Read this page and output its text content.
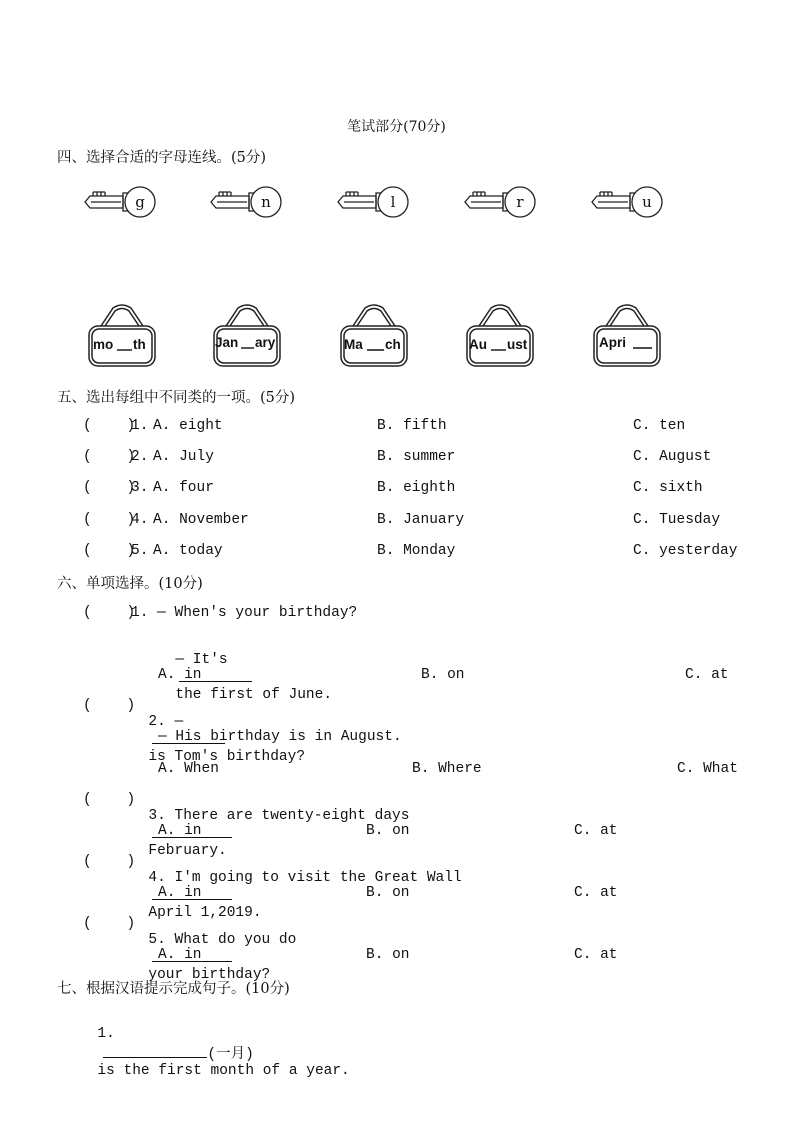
笔试部分(70分)
四、选择合适的字母连线。(5分)
g	n	l	r	u
mo th	Jan ary	Ma ch	Au ust	Apri
五、选出每组中不同类的一项。(5分)
(    )
1. A. eight	B. fifth	C. ten
(    )
2. A. July	B. summer	C. August
(    )
3. A. four	B. eighth	C. sixth
(    )
4. A. November	B. January	C. Tuesday
(    )
5. A. today	B. Monday	C. yesterday
六、单项选择。(10分)
(    )
1. — When's your birthday?

— It's

the first of June.

A. in	B. on	C. at
(    )

2. —

is Tom's birthday?

— His birthday is in August.
A. When	B. Where	C. What
(    )

3. There are twenty-eight days

February.

A. in	B. on	C. at
(    )

4. I'm going to visit the Great Wall

April 1,2019.

A. in	B. on	C. at
(    )

5. What do you do

your birthday?

A. in	B. on	C. at
七、根据汉语提示完成句子。(10分)

1.
(一月)
is the first month of a year.
